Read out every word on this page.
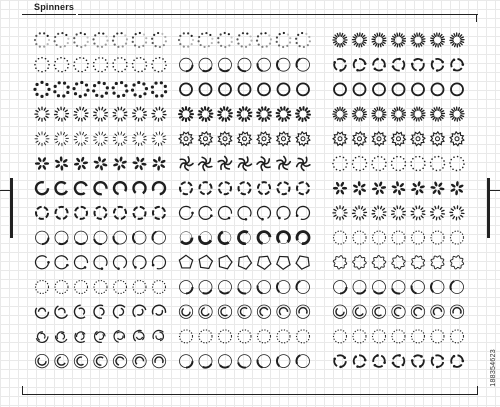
Spinners
188354623
